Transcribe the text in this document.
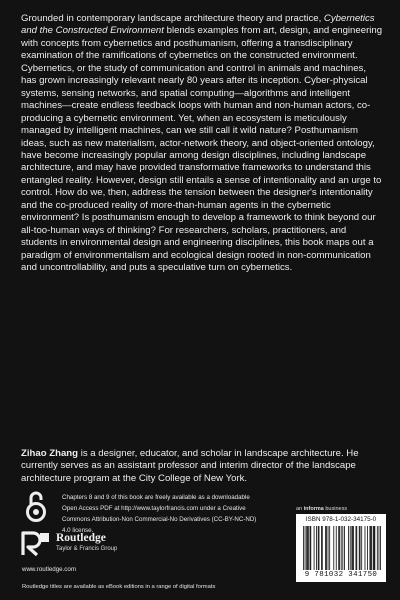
Grounded in contemporary landscape architecture theory and practice, Cybernetics and the Constructed Environment blends examples from art, design, and engineering with concepts from cybernetics and posthumanism, offering a transdisciplinary examination of the ramifications of cybernetics on the constructed environment. Cybernetics, or the study of communication and control in animals and machines, has grown increasingly relevant nearly 80 years after its inception. Cyber-physical systems, sensing networks, and spatial computing—algorithms and intelligent machines—create endless feedback loops with human and non-human actors, co-producing a cybernetic environment. Yet, when an ecosystem is meticulously managed by intelligent machines, can we still call it wild nature? Posthumanism ideas, such as new materialism, actor-network theory, and object-oriented ontology, have become increasingly popular among design disciplines, including landscape architecture, and may have provided transformative frameworks to understand this entangled reality. However, design still entails a sense of intentionality and an urge to control. How do we, then, address the tension between the designer's intentionality and the co-produced reality of more-than-human agents in the cybernetic environment? Is posthumanism enough to develop a framework to think beyond our all-too-human ways of thinking? For researchers, scholars, practitioners, and students in environmental design and engineering disciplines, this book maps out a paradigm of environmentalism and ecological design rooted in non-communication and uncontrollability, and puts a speculative turn on cybernetics.

Zihao Zhang is a designer, educator, and scholar in landscape architecture. He currently serves as an assistant professor and interim director of the landscape architecture program at the City College of New York.

Chapters 8 and 9 of this book are freely available as a downloadable Open Access PDF at http://www.taylorfrancis.com under a Creative Commons Attribution-Non Commercial-No Derivatives (CC-BY-NC-ND) 4.0 license.

an informa business
Routledge
Taylor & Francis Group
www.routledge.com
Routledge titles are available as eBook editions in a range of digital formats
ISBN 978-1-032-34175-0
9 781032 341750
